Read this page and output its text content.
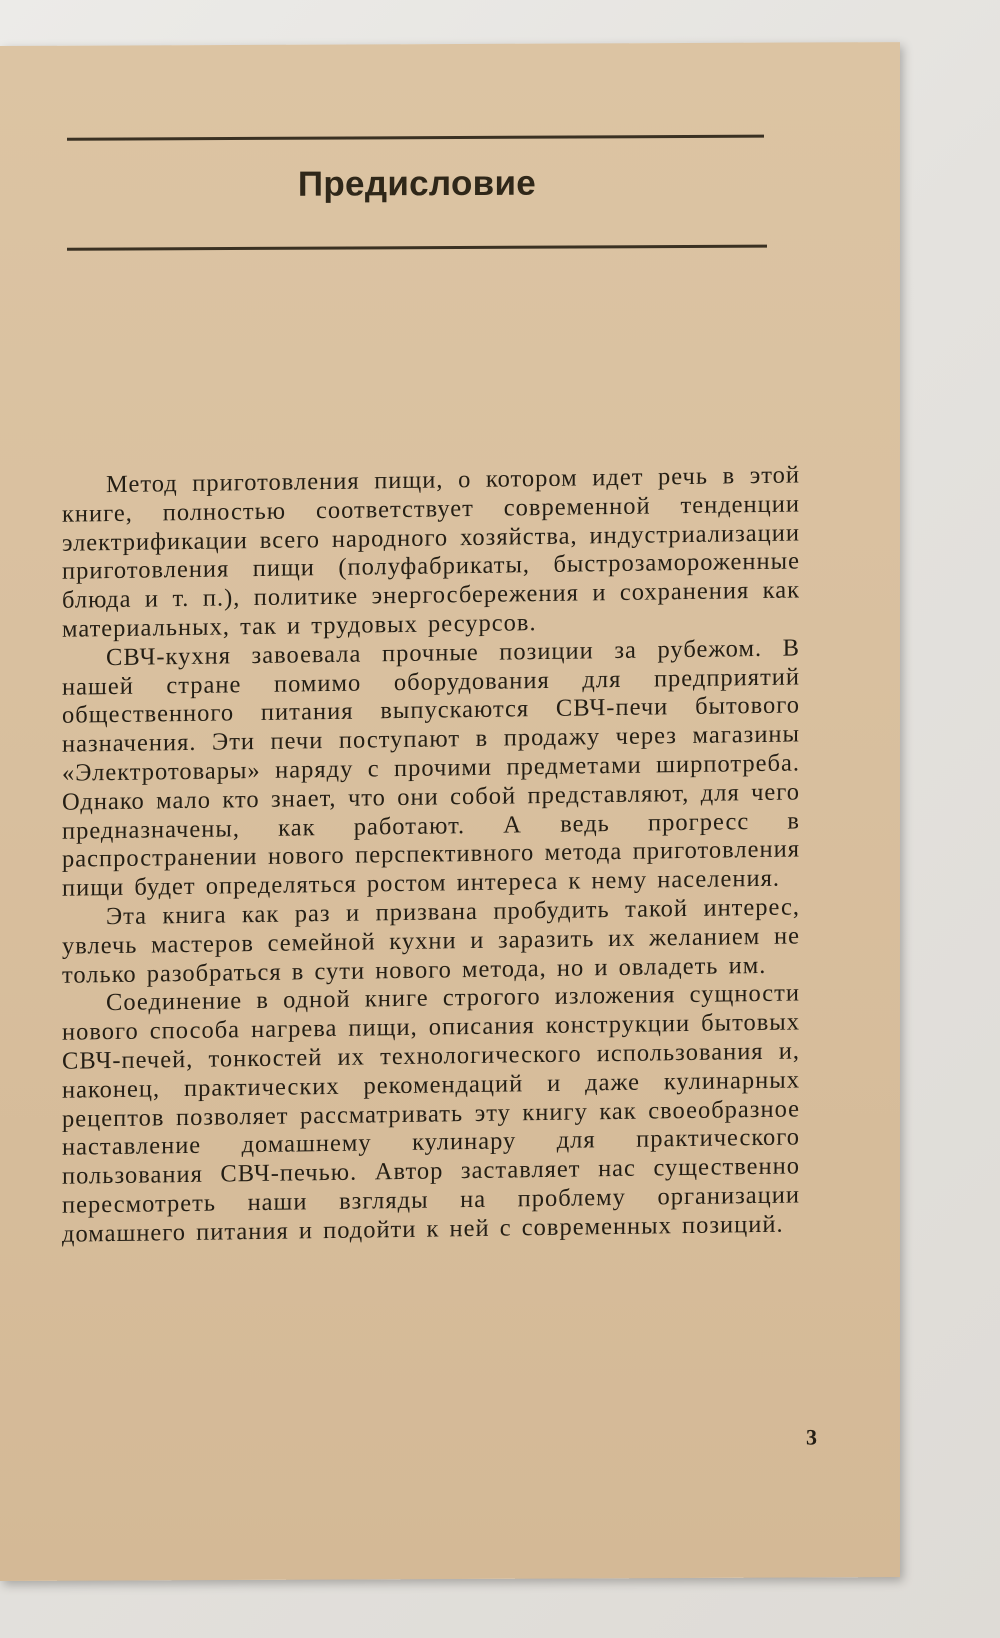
Предисловие

Метод приготовления пищи, о котором идет речь в этой книге, полностью соответствует современной тенденции электрификации всего народного хозяйства, индустриализации приготовления пищи (полуфабрикаты, быстрозамороженные блюда и т. п.), политике энергосбережения и сохранения как материальных, так и трудовых ресурсов.

СВЧ-кухня завоевала прочные позиции за рубежом. В нашей стране помимо оборудования для предприятий общественного питания выпускаются СВЧ-печи бытового назначения. Эти печи поступают в продажу через магазины «Электротовары» наряду с прочими предметами ширпотреба. Однако мало кто знает, что они собой представляют, для чего предназначены, как работают. А ведь прогресс в распространении нового перспективного метода приготовления пищи будет определяться ростом интереса к нему населения.

Эта книга как раз и призвана пробудить такой интерес, увлечь мастеров семейной кухни и заразить их желанием не только разобраться в сути нового метода, но и овладеть им.

Соединение в одной книге строгого изложения сущности нового способа нагрева пищи, описания конструкции бытовых СВЧ-печей, тонкостей их технологического использования и, наконец, практических рекомендаций и даже кулинарных рецептов позволяет рассматривать эту книгу как своеобразное наставление домашнему кулинару для практического пользования СВЧ-печью. Автор заставляет нас существенно пересмотреть наши взгляды на проблему организации домашнего питания и подойти к ней с современных позиций.

3
